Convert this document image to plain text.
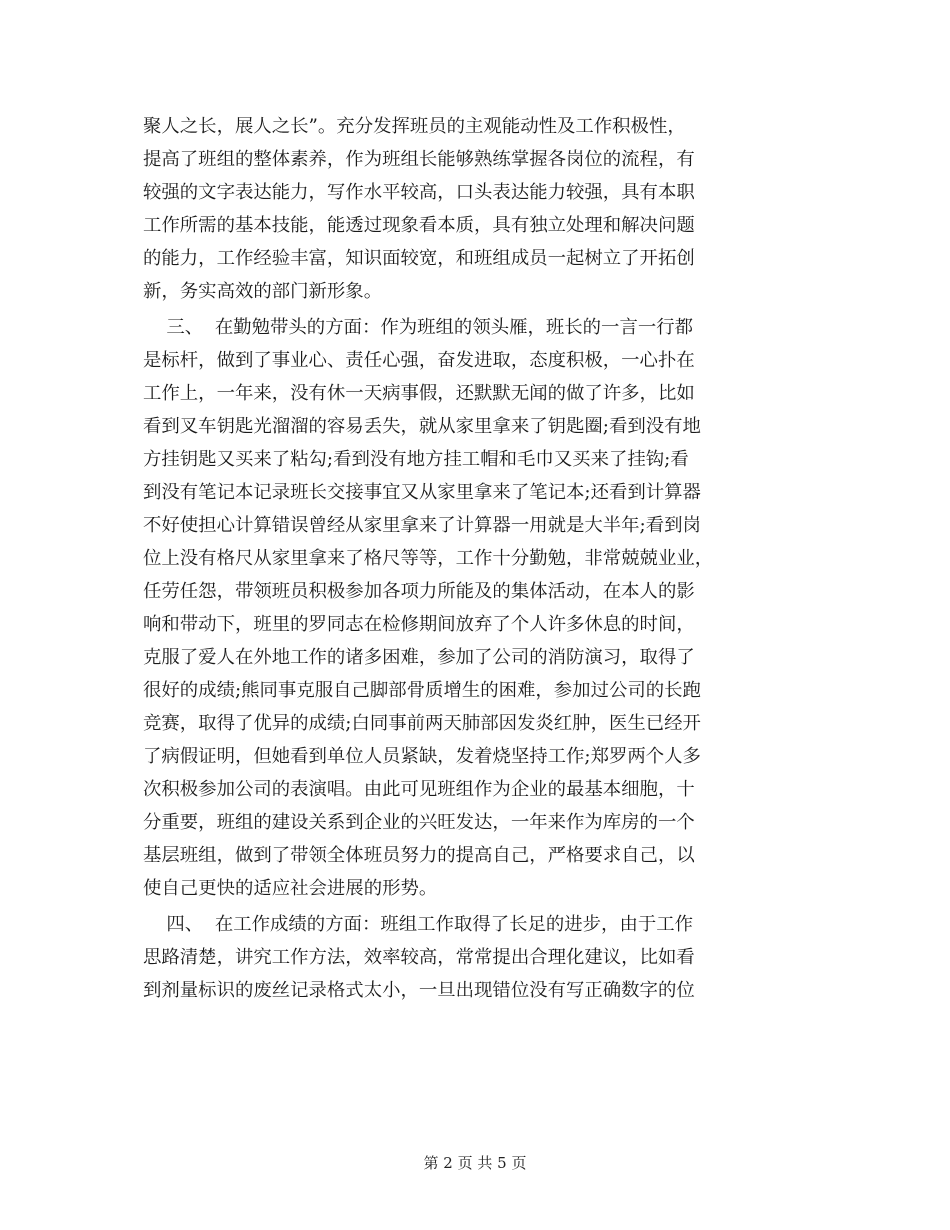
聚人之长，展人之长”。充分发挥班员的主观能动性及工作积极性，

提高了班组的整体素养，作为班组长能够熟练掌握各岗位的流程，有

较强的文字表达能力，写作水平较高，口头表达能力较强，具有本职

工作所需的基本技能，能透过现象看本质，具有独立处理和解决问题

的能力，工作经验丰富，知识面较宽，和班组成员一起树立了开拓创

新，务实高效的部门新形象。

三、  在勤勉带头的方面：作为班组的领头雁，班长的一言一行都

是标杆，做到了事业心、责任心强，奋发进取，态度积极，一心扑在

工作上，一年来，没有休一天病事假，还默默无闻的做了许多，比如

看到叉车钥匙光溜溜的容易丢失，就从家里拿来了钥匙圈;看到没有地

方挂钥匙又买来了粘勾;看到没有地方挂工帽和毛巾又买来了挂钩;看

到没有笔记本记录班长交接事宜又从家里拿来了笔记本;还看到计算器

不好使担心计算错误曾经从家里拿来了计算器一用就是大半年;看到岗

位上没有格尺从家里拿来了格尺等等，工作十分勤勉，非常兢兢业业，

任劳任怨，带领班员积极参加各项力所能及的集体活动，在本人的影

响和带动下，班里的罗同志在检修期间放弃了个人许多休息的时间，

克服了爱人在外地工作的诸多困难，参加了公司的消防演习，取得了

很好的成绩;熊同事克服自己脚部骨质增生的困难，参加过公司的长跑

竞赛，取得了优异的成绩;白同事前两天肺部因发炎红肿，医生已经开

了病假证明，但她看到单位人员紧缺，发着烧坚持工作;郑罗两个人多

次积极参加公司的表演唱。由此可见班组作为企业的最基本细胞，十

分重要，班组的建设关系到企业的兴旺发达，一年来作为库房的一个

基层班组，做到了带领全体班员努力的提高自己，严格要求自己，以

使自己更快的适应社会进展的形势。

四、  在工作成绩的方面：班组工作取得了长足的进步，由于工作

思路清楚，讲究工作方法，效率较高，常常提出合理化建议，比如看

到剂量标识的废丝记录格式太小，一旦出现错位没有写正确数字的位

第 2 页 共 5 页
